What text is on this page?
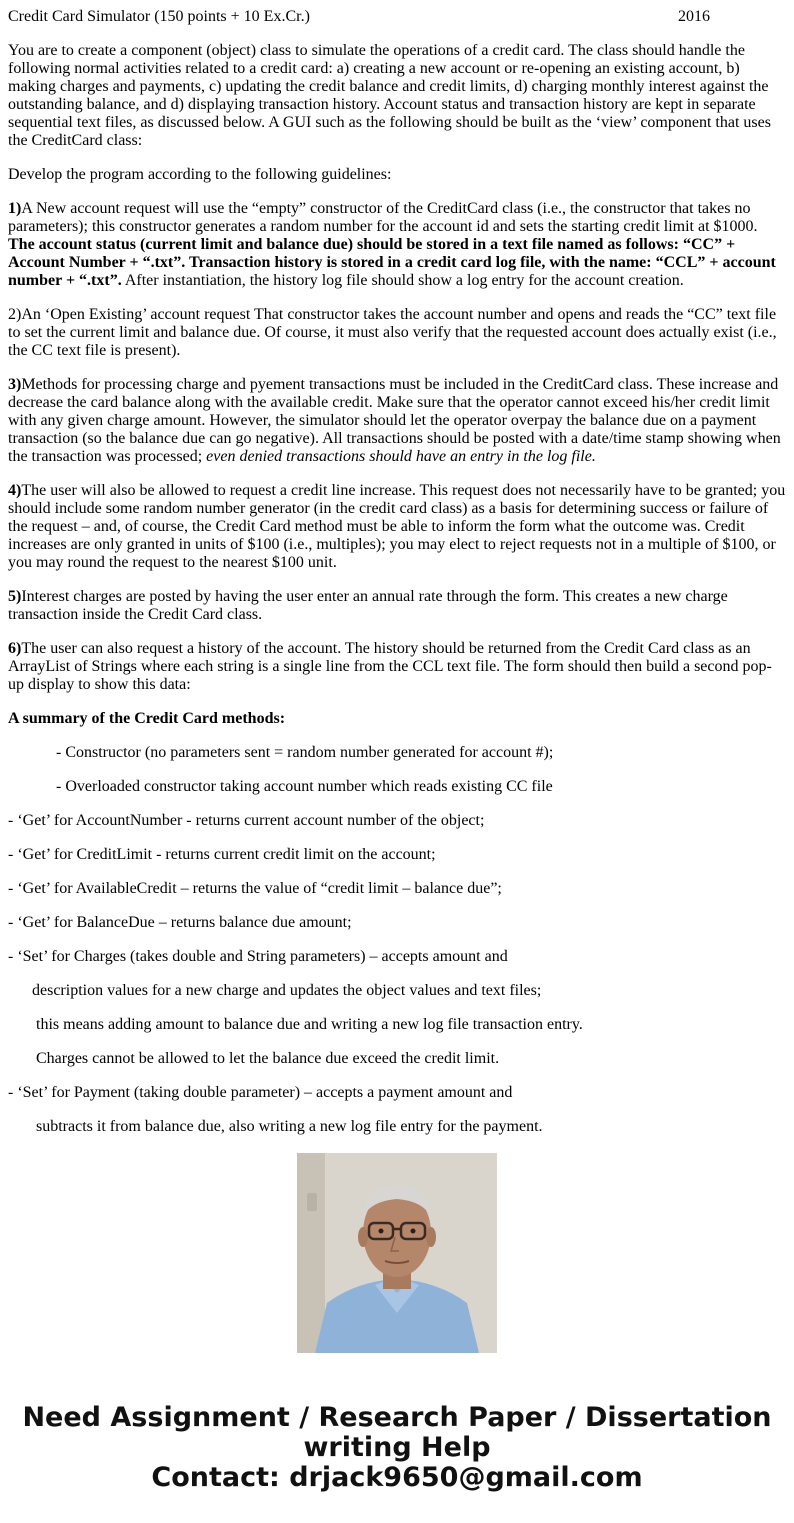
Credit Card Simulator (150 points + 10 Ex.Cr.)	2016

You are to create a component (object) class to simulate the operations of a credit card. The class should handle the following normal activities related to a credit card: a) creating a new account or re-opening an existing account, b) making charges and payments, c) updating the credit balance and credit limits, d) charging monthly interest against the outstanding balance, and d) displaying transaction history. Account status and transaction history are kept in separate sequential text files, as discussed below. A GUI such as the following should be built as the ‘view’ component that uses the CreditCard class:

Develop the program according to the following guidelines:

1)A New account request will use the “empty” constructor of the CreditCard class (i.e., the constructor that takes no parameters); this constructor generates a random number for the account id and sets the starting credit limit at $1000. The account status (current limit and balance due) should be stored in a text file named as follows: “CC” + Account Number + “.txt”. Transaction history is stored in a credit card log file, with the name: “CCL” + account number + “.txt”. After instantiation, the history log file should show a log entry for the account creation.

2)An ‘Open Existing’ account request That constructor takes the account number and opens and reads the “CC” text file to set the current limit and balance due. Of course, it must also verify that the requested account does actually exist (i.e., the CC text file is present).

3)Methods for processing charge and pyement transactions must be included in the CreditCard class. These increase and decrease the card balance along with the available credit. Make sure that the operator cannot exceed his/her credit limit with any given charge amount. However, the simulator should let the operator overpay the balance due on a payment transaction (so the balance due can go negative). All transactions should be posted with a date/time stamp showing when the transaction was processed; even denied transactions should have an entry in the log file.

4)The user will also be allowed to request a credit line increase. This request does not necessarily have to be granted; you should include some random number generator (in the credit card class) as a basis for determining success or failure of the request – and, of course, the Credit Card method must be able to inform the form what the outcome was. Credit increases are only granted in units of $100 (i.e., multiples); you may elect to reject requests not in a multiple of $100, or you may round the request to the nearest $100 unit.

5)Interest charges are posted by having the user enter an annual rate through the form. This creates a new charge transaction inside the Credit Card class.

6)The user can also request a history of the account. The history should be returned from the Credit Card class as an ArrayList of Strings where each string is a single line from the CCL text file. The form should then build a second pop-up display to show this data:

A summary of the Credit Card methods:

- Constructor (no parameters sent = random number generated for account #);

- Overloaded constructor taking account number which reads existing CC file

- ‘Get’ for AccountNumber - returns current account number of the object;

- ‘Get’ for CreditLimit - returns current credit limit on the account;

- ‘Get’ for AvailableCredit – returns the value of “credit limit – balance due”;

- ‘Get’ for BalanceDue – returns balance due amount;

- ‘Set’ for Charges (takes double and String parameters) – accepts amount and

description values for a new charge and updates the object values and text files;

this means adding amount to balance due and writing a new log file transaction entry.

Charges cannot be allowed to let the balance due exceed the credit limit.

- ‘Set’ for Payment (taking double parameter) – accepts a payment amount and

subtracts it from balance due, also writing a new log file entry for the payment.

Need Assignment / Research Paper / Dissertation
writing Help
Contact: drjack9650@gmail.com
